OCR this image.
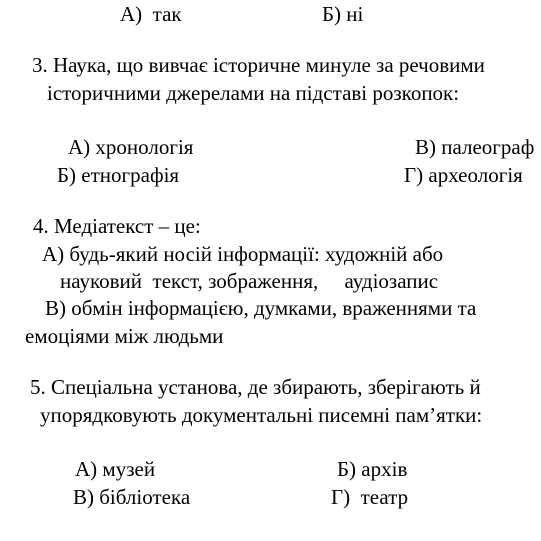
А)  так	Б) ні
3. Наука, що вивчає історичне минуле за речовими
історичними джерелами на підставі розкопок:
А) хронологія	В) палеограф
Б) етнографія	Г) археологія
4. Медіатекст – це:
А) будь-який носій інформації: художній або
науковий  текст, зображення,     аудіозапис
В) обмін інформацією, думками, враженнями та
емоціями між людьми
5. Спеціальна установа, де збирають, зберігають й
упорядковують документальні писемні пам’ятки:
А) музей	Б) архів
В) бібліотека	Г)  театр
